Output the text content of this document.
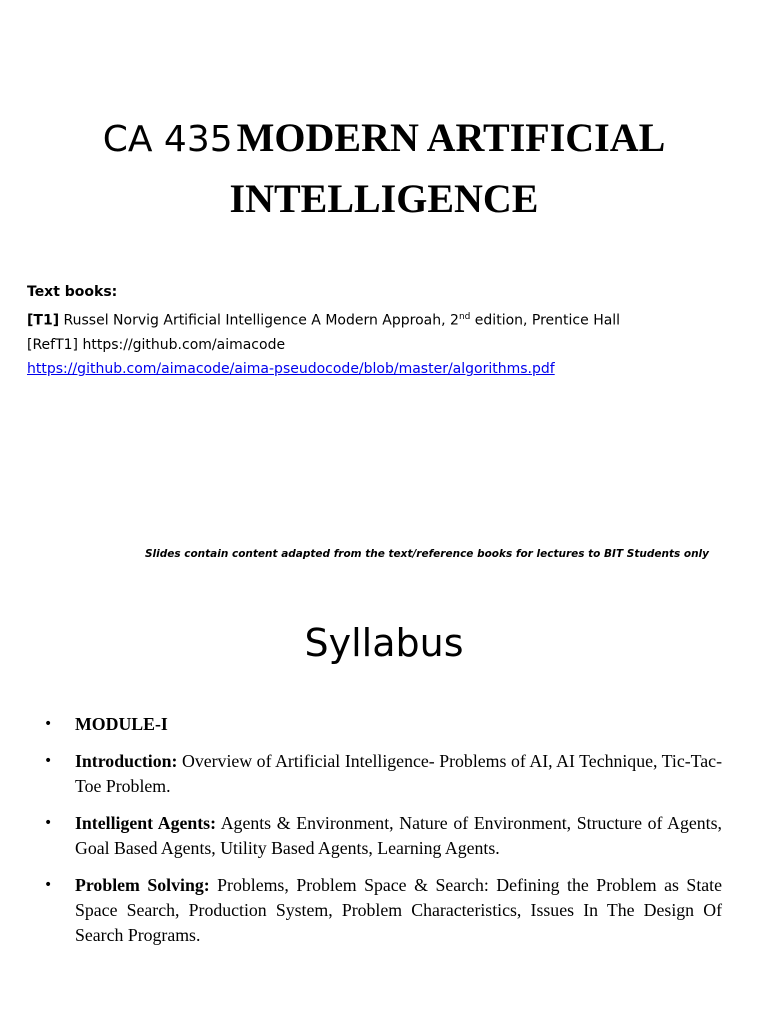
CA 435 MODERN ARTIFICIAL
INTELLIGENCE
Text books:
[T1] Russel Norvig Artificial Intelligence A Modern Approah, 2nd edition, Prentice Hall
[RefT1] https://github.com/aimacode
https://github.com/aimacode/aima-pseudocode/blob/master/algorithms.pdf
Slides contain content adapted from the text/reference books for lectures to BIT Students only
Syllabus
• MODULE-I
• Introduction: Overview of Artificial Intelligence- Problems of AI, AI Technique, Tic-Tac-Toe Problem.
• Intelligent Agents: Agents & Environment, Nature of Environment, Structure of Agents, Goal Based Agents, Utility Based Agents, Learning Agents.
• Problem Solving: Problems, Problem Space & Search: Defining the Problem as State Space Search, Production System, Problem Characteristics, Issues In The Design Of Search Programs.
